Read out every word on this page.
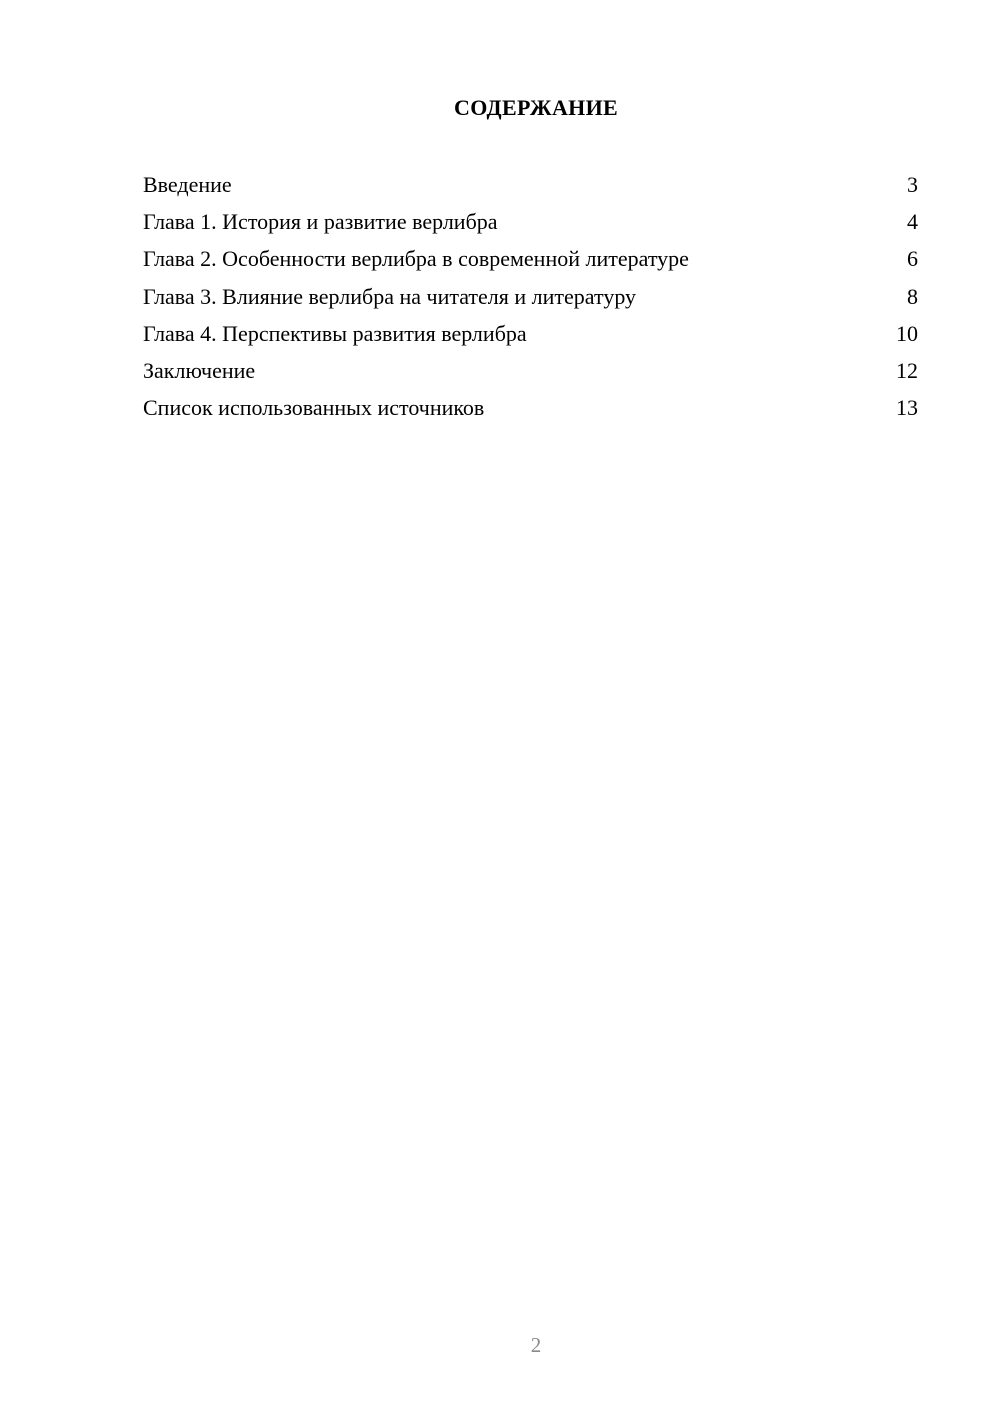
СОДЕРЖАНИЕ
Введение	3
Глава 1. История и развитие верлибра	4
Глава 2. Особенности верлибра в современной литературе	6
Глава 3. Влияние верлибра на читателя и литературу	8
Глава 4. Перспективы развития верлибра	10
Заключение	12
Список использованных источников	13
2
